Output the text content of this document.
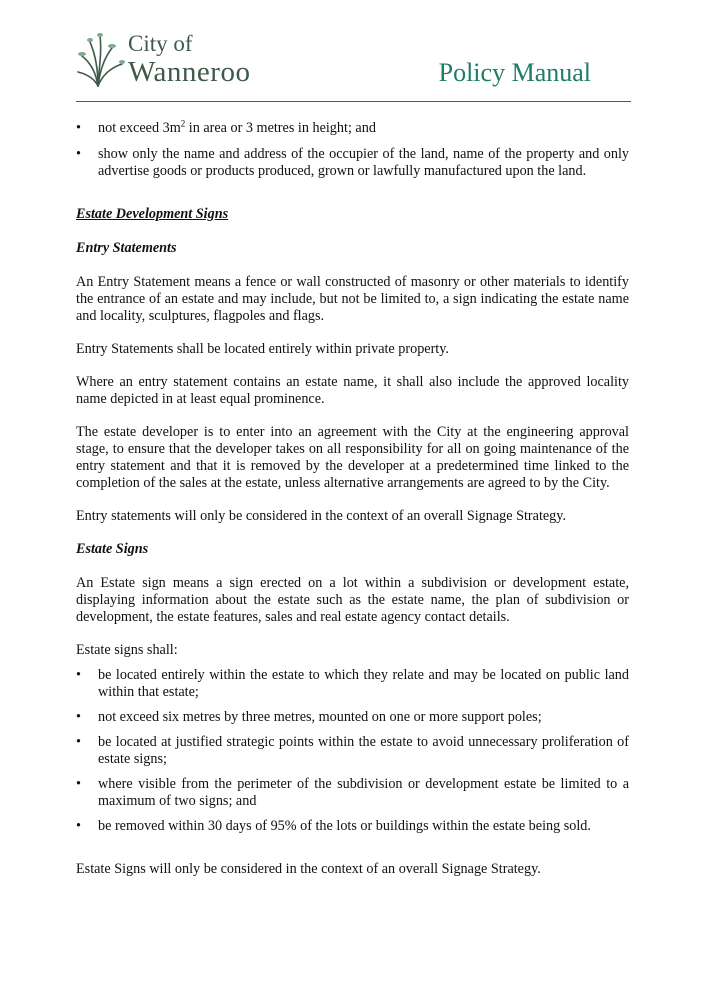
City of
Wanneroo	Policy Manual
• not exceed $3m^2$ in area or 3 metres in height; and
• show only the name and address of the occupier of the land, name of the property and only advertise goods or products produced, grown or lawfully manufactured upon the land.
Estate Development Signs
Entry Statements

An Entry Statement means a fence or wall constructed of masonry or other materials to identify the entrance of an estate and may include, but not be limited to, a sign indicating the estate name and locality, sculptures, flagpoles and flags.

Entry Statements shall be located entirely within private property.

Where an entry statement contains an estate name, it shall also include the approved locality name depicted in at least equal prominence.

The estate developer is to enter into an agreement with the City at the engineering approval stage, to ensure that the developer takes on all responsibility for all on going maintenance of the entry statement and that it is removed by the developer at a predetermined time linked to the completion of the sales at the estate, unless alternative arrangements are agreed to by the City.

Entry statements will only be considered in the context of an overall Signage Strategy.

Estate Signs

An Estate sign means a sign erected on a lot within a subdivision or development estate, displaying information about the estate such as the estate name, the plan of subdivision or development, the estate features, sales and real estate agency contact details.

Estate signs shall:

• be located entirely within the estate to which they relate and may be located on public land within that estate;
• not exceed six metres by three metres, mounted on one or more support poles;
• be located at justified strategic points within the estate to avoid unnecessary proliferation of estate signs;
• where visible from the perimeter of the subdivision or development estate be limited to a maximum of two signs; and
• be removed within 30 days of 95% of the lots or buildings within the estate being sold.

Estate Signs will only be considered in the context of an overall Signage Strategy.
